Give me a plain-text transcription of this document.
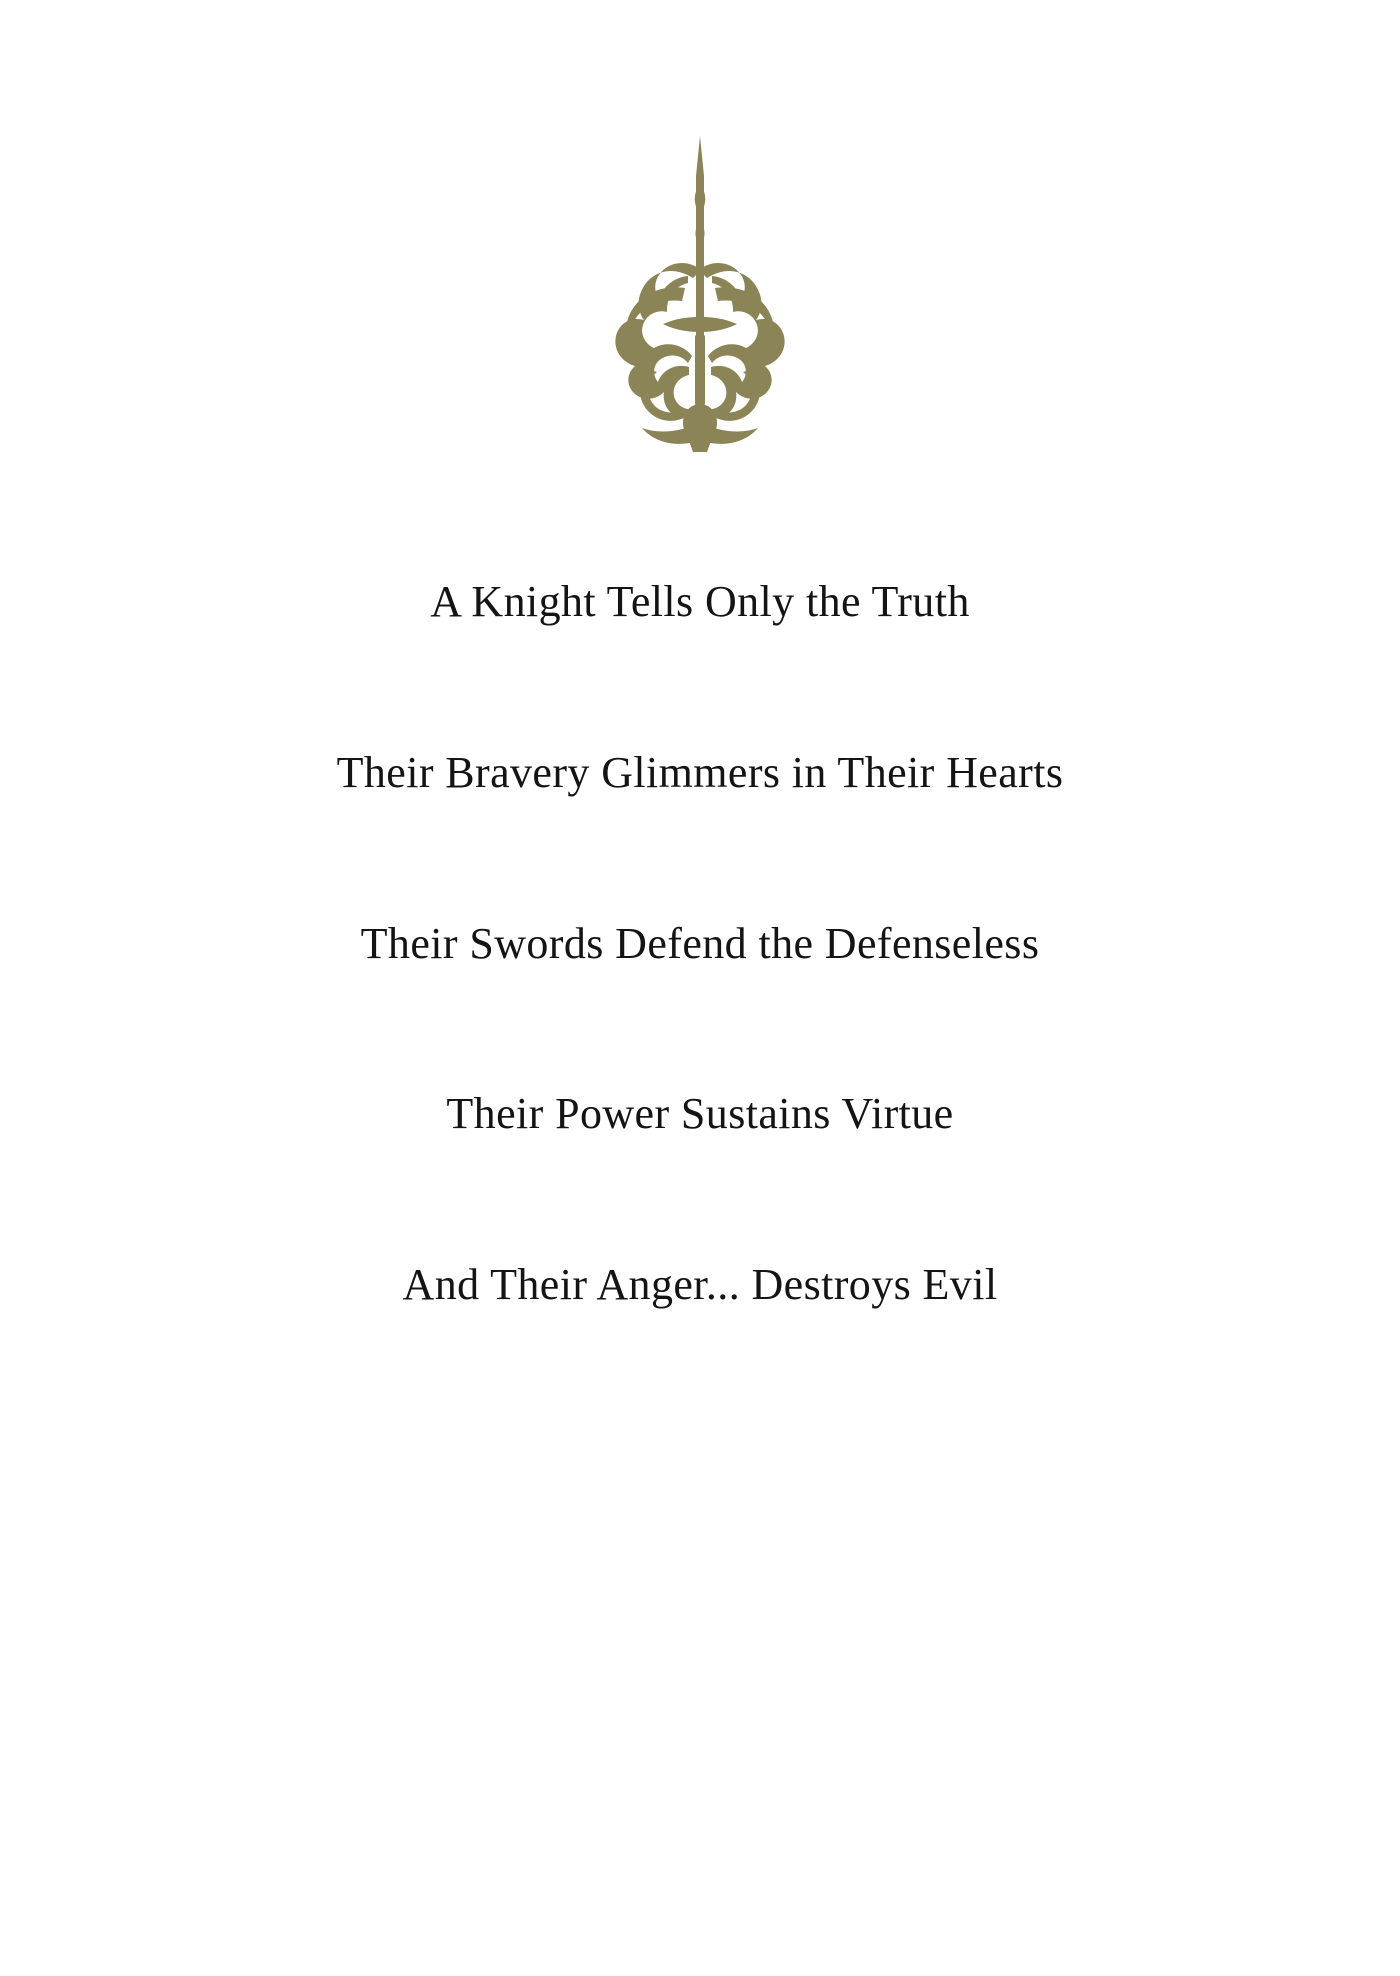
A Knight Tells Only the Truth

Their Bravery Glimmers in Their Hearts

Their Swords Defend the Defenseless

Their Power Sustains Virtue

And Their Anger... Destroys Evil
